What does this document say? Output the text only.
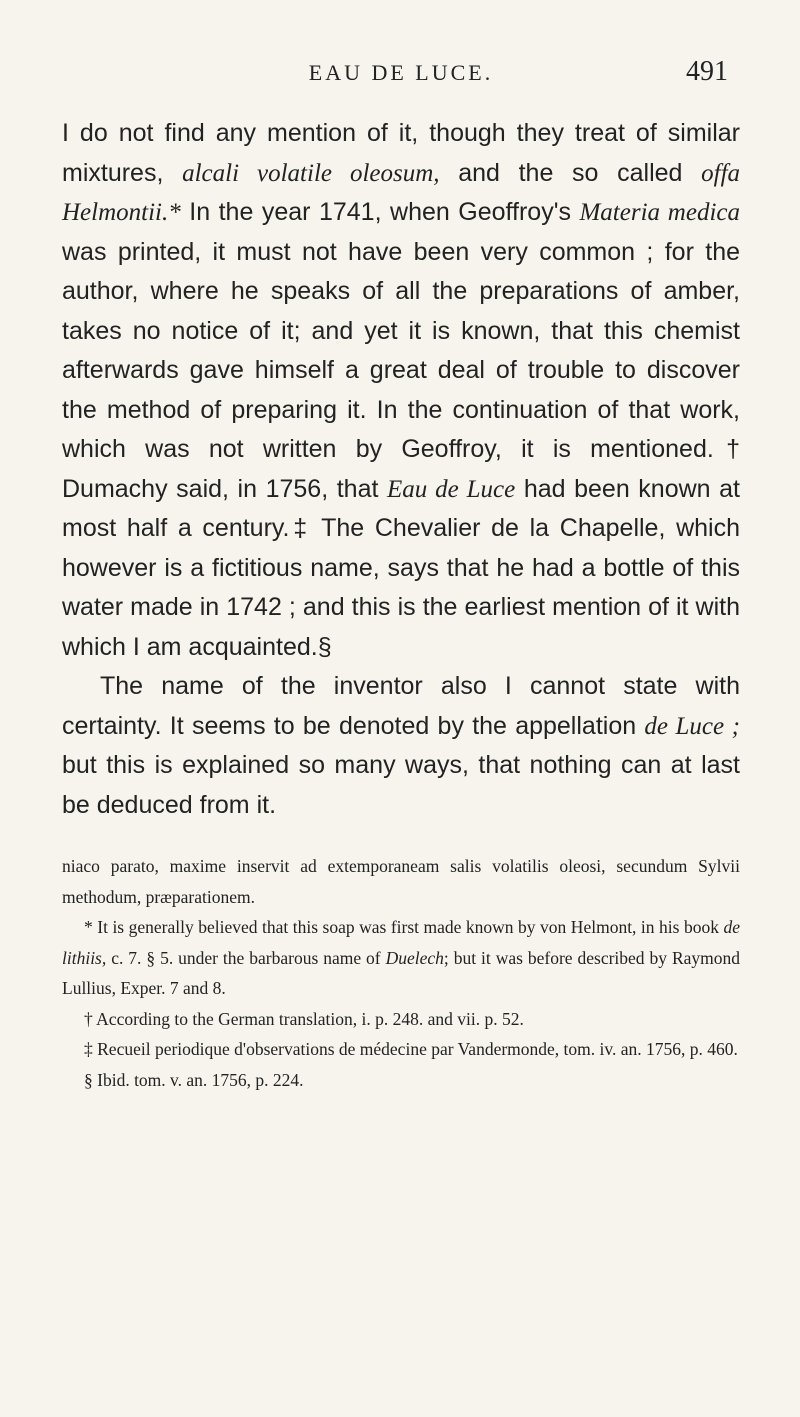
EAU DE LUCE.	491

I do not find any mention of it, though they treat of similar mixtures, alcali volatile oleosum, and the so called offa Helmontii.* In the year 1741, when Geoffroy's Materia medica was printed, it must not have been very common ; for the author, where he speaks of all the preparations of amber, takes no notice of it; and yet it is known, that this chemist afterwards gave himself a great deal of trouble to discover the method of preparing it. In the continuation of that work, which was not written by Geoffroy, it is mentioned.† Dumachy said, in 1756, that Eau de Luce had been known at most half a century.‡ The Chevalier de la Chapelle, which however is a fictitious name, says that he had a bottle of this water made in 1742 ; and this is the earliest mention of it with which I am acquainted.§

The name of the inventor also I cannot state with certainty. It seems to be denoted by the appellation de Luce ; but this is explained so many ways, that nothing can at last be deduced from it.

niaco parato, maxime inservit ad extemporaneam salis volatilis oleosi, secundum Sylvii methodum, præparationem.

* It is generally believed that this soap was first made known by von Helmont, in his book de lithiis, c. 7. § 5. under the barbarous name of Duelech; but it was before described by Raymond Lullius, Exper. 7 and 8.

† According to the German translation, i. p. 248. and vii. p. 52.

‡ Recueil periodique d'observations de médecine par Vandermonde, tom. iv. an. 1756, p. 460.

§ Ibid. tom. v. an. 1756, p. 224.
